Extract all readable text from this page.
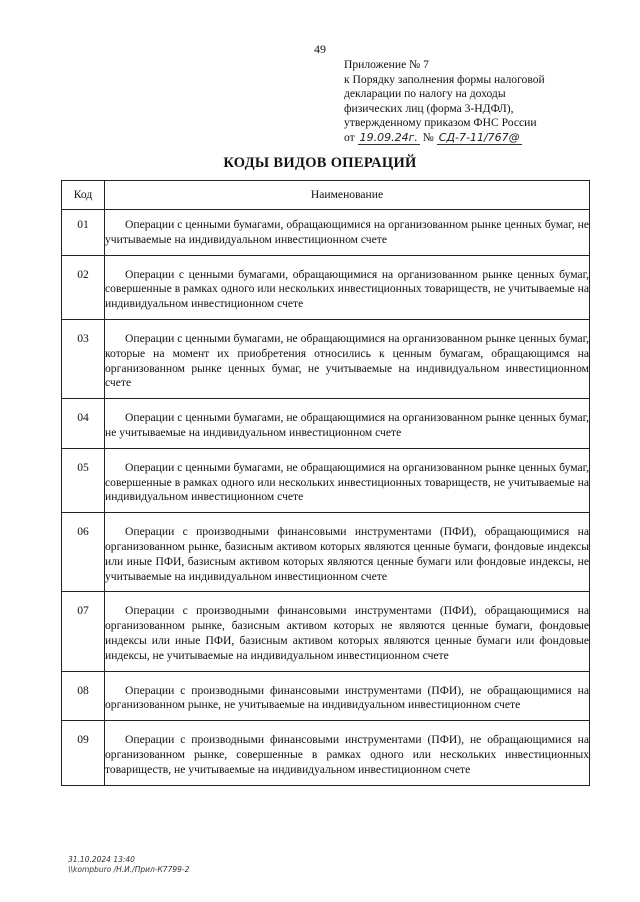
49
Приложение № 7
к Порядку заполнения формы налоговой
декларации по налогу на доходы
физических лиц (форма 3-НДФЛ),
утвержденному приказом ФНС России
от 19.09.24г. № СД-7-11/767@
КОДЫ ВИДОВ ОПЕРАЦИЙ
Код	Наименование
01	Операции с ценными бумагами, обращающимися на организованном рынке ценных бумаг, не учитываемые на индивидуальном инвестиционном счете

02	Операции с ценными бумагами, обращающимися на организованном рынке ценных бумаг, совершенные в рамках одного или нескольких инвестиционных товариществ, не учитываемые на индивидуальном инвестиционном счете

03	Операции с ценными бумагами, не обращающимися на организованном рынке ценных бумаг, которые на момент их приобретения относились к ценным бумагам, обращающимся на организованном рынке ценных бумаг, не учитываемые на индивидуальном инвестиционном счете

04	Операции с ценными бумагами, не обращающимися на организованном рынке ценных бумаг, не учитываемые на индивидуальном инвестиционном счете

05	Операции с ценными бумагами, не обращающимися на организованном рынке ценных бумаг, совершенные в рамках одного или нескольких инвестиционных товариществ, не учитываемые на индивидуальном инвестиционном счете

06	Операции с производными финансовыми инструментами (ПФИ), обращающимися на организованном рынке, базисным активом которых являются ценные бумаги, фондовые индексы или иные ПФИ, базисным активом которых являются ценные бумаги или фондовые индексы, не учитываемые на индивидуальном инвестиционном счете

07	Операции с производными финансовыми инструментами (ПФИ), обращающимися на организованном рынке, базисным активом которых не являются ценные бумаги, фондовые индексы или иные ПФИ, базисным активом которых являются ценные бумаги или фондовые индексы, не учитываемые на индивидуальном инвестиционном счете

08	Операции с производными финансовыми инструментами (ПФИ), не обращающимися на организованном рынке, не учитываемые на индивидуальном инвестиционном счете

09	Операции с производными финансовыми инструментами (ПФИ), не обращающимися на организованном рынке, совершенные в рамках одного или нескольких инвестиционных товариществ, не учитываемые на индивидуальном инвестиционном счете
31.10.2024 13:40
\\kompburo /Н.И./Прил-К7799-2
